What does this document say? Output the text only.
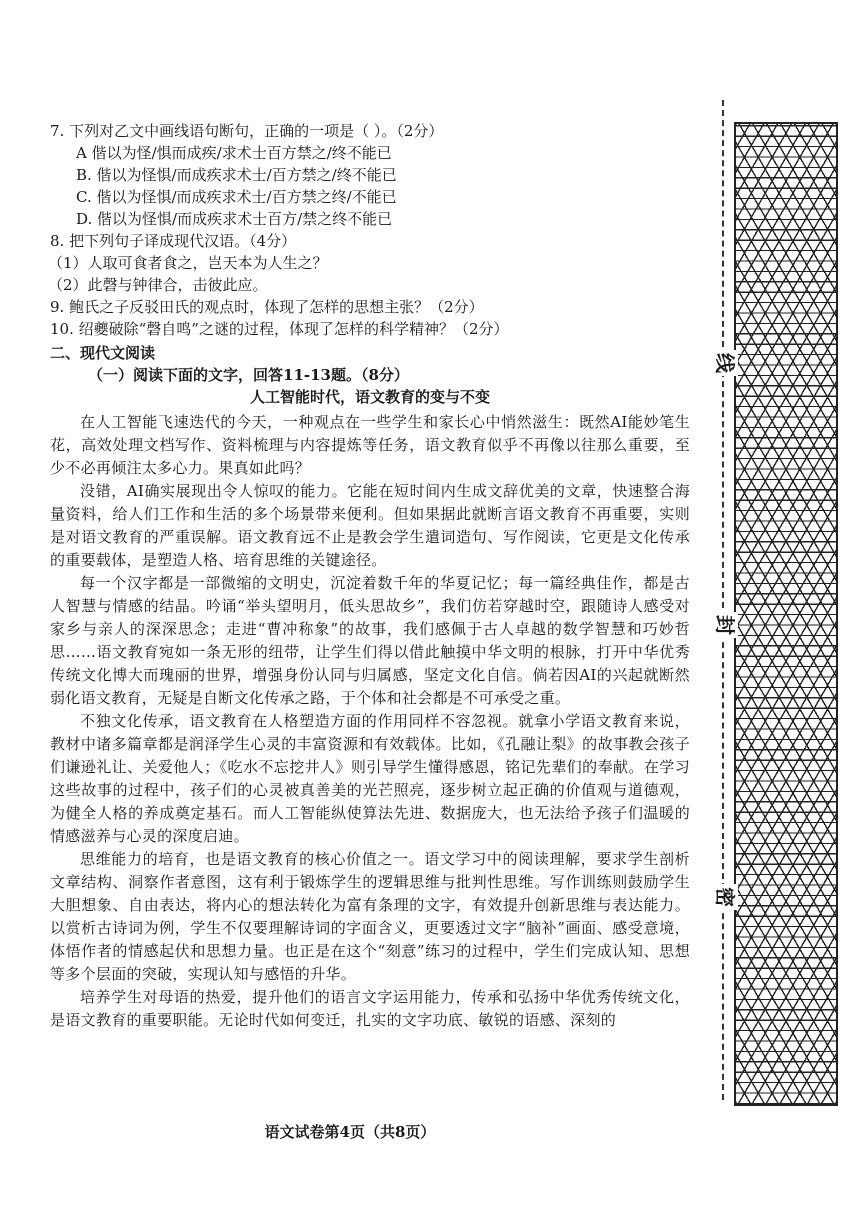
7. 下列对乙文中画线语句断句，正确的一项是（ ）。（2分）
A 偕以为怪/惧而成疾/求术士百方禁之/终不能已
B. 偕以为怪惧/而成疾求术士/百方禁之/终不能已
C. 偕以为怪惧/而成疾求术士/百方禁之终/不能已
D. 偕以为怪惧/而成疾求术士百方/禁之终不能已
8. 把下列句子译成现代汉语。（4分）
（1）人取可食者食之，岂天本为人生之？
（2）此磬与钟律合，击彼此应。
9. 鲍氏之子反驳田氏的观点时，体现了怎样的思想主张？（2分）
10. 绍夔破除“磬自鸣”之谜的过程，体现了怎样的科学精神？（2分）
二、现代文阅读
（一）阅读下面的文字，回答11-13题。（8分）
人工智能时代，语文教育的变与不变

在人工智能飞速迭代的今天，一种观点在一些学生和家长心中悄然滋生：既然AI能妙笔生花，高效处理文档写作、资料梳理与内容提炼等任务，语文教育似乎不再像以往那么重要，至少不必再倾注太多心力。果真如此吗？

没错，AI确实展现出令人惊叹的能力。它能在短时间内生成文辞优美的文章，快速整合海量资料，给人们工作和生活的多个场景带来便利。但如果据此就断言语文教育不再重要，实则是对语文教育的严重误解。语文教育远不止是教会学生遣词造句、写作阅读，它更是文化传承的重要载体，是塑造人格、培育思维的关键途径。

每一个汉字都是一部微缩的文明史，沉淀着数千年的华夏记忆；每一篇经典佳作，都是古人智慧与情感的结晶。吟诵“举头望明月，低头思故乡”，我们仿若穿越时空，跟随诗人感受对家乡与亲人的深深思念；走进“曹冲称象”的故事，我们感佩于古人卓越的数学智慧和巧妙哲思……语文教育宛如一条无形的纽带，让学生们得以借此触摸中华文明的根脉，打开中华优秀传统文化博大而瑰丽的世界，增强身份认同与归属感，坚定文化自信。倘若因AI的兴起就断然弱化语文教育，无疑是自断文化传承之路，于个体和社会都是不可承受之重。

不独文化传承，语文教育在人格塑造方面的作用同样不容忽视。就拿小学语文教育来说，教材中诸多篇章都是润泽学生心灵的丰富资源和有效载体。比如，《孔融让梨》的故事教会孩子们谦逊礼让、关爱他人；《吃水不忘挖井人》则引导学生懂得感恩，铭记先辈们的奉献。在学习这些故事的过程中，孩子们的心灵被真善美的光芒照亮，逐步树立起正确的价值观与道德观，为健全人格的养成奠定基石。而人工智能纵使算法先进、数据庞大，也无法给予孩子们温暖的情感滋养与心灵的深度启迪。

思维能力的培育，也是语文教育的核心价值之一。语文学习中的阅读理解，要求学生剖析文章结构、洞察作者意图，这有利于锻炼学生的逻辑思维与批判性思维。写作训练则鼓励学生大胆想象、自由表达，将内心的想法转化为富有条理的文字，有效提升创新思维与表达能力。以赏析古诗词为例，学生不仅要理解诗词的字面含义，更要透过文字“脑补”画面、感受意境，体悟作者的情感起伏和思想力量。也正是在这个“刻意”练习的过程中，学生们完成认知、思想等多个层面的突破，实现认知与感悟的升华。

培养学生对母语的热爱，提升他们的语言文字运用能力，传承和弘扬中华优秀传统文化，是语文教育的重要职能。无论时代如何变迁，扎实的文字功底、敏锐的语感、深刻的

语文试卷第4页（共8页）
线
封
密
